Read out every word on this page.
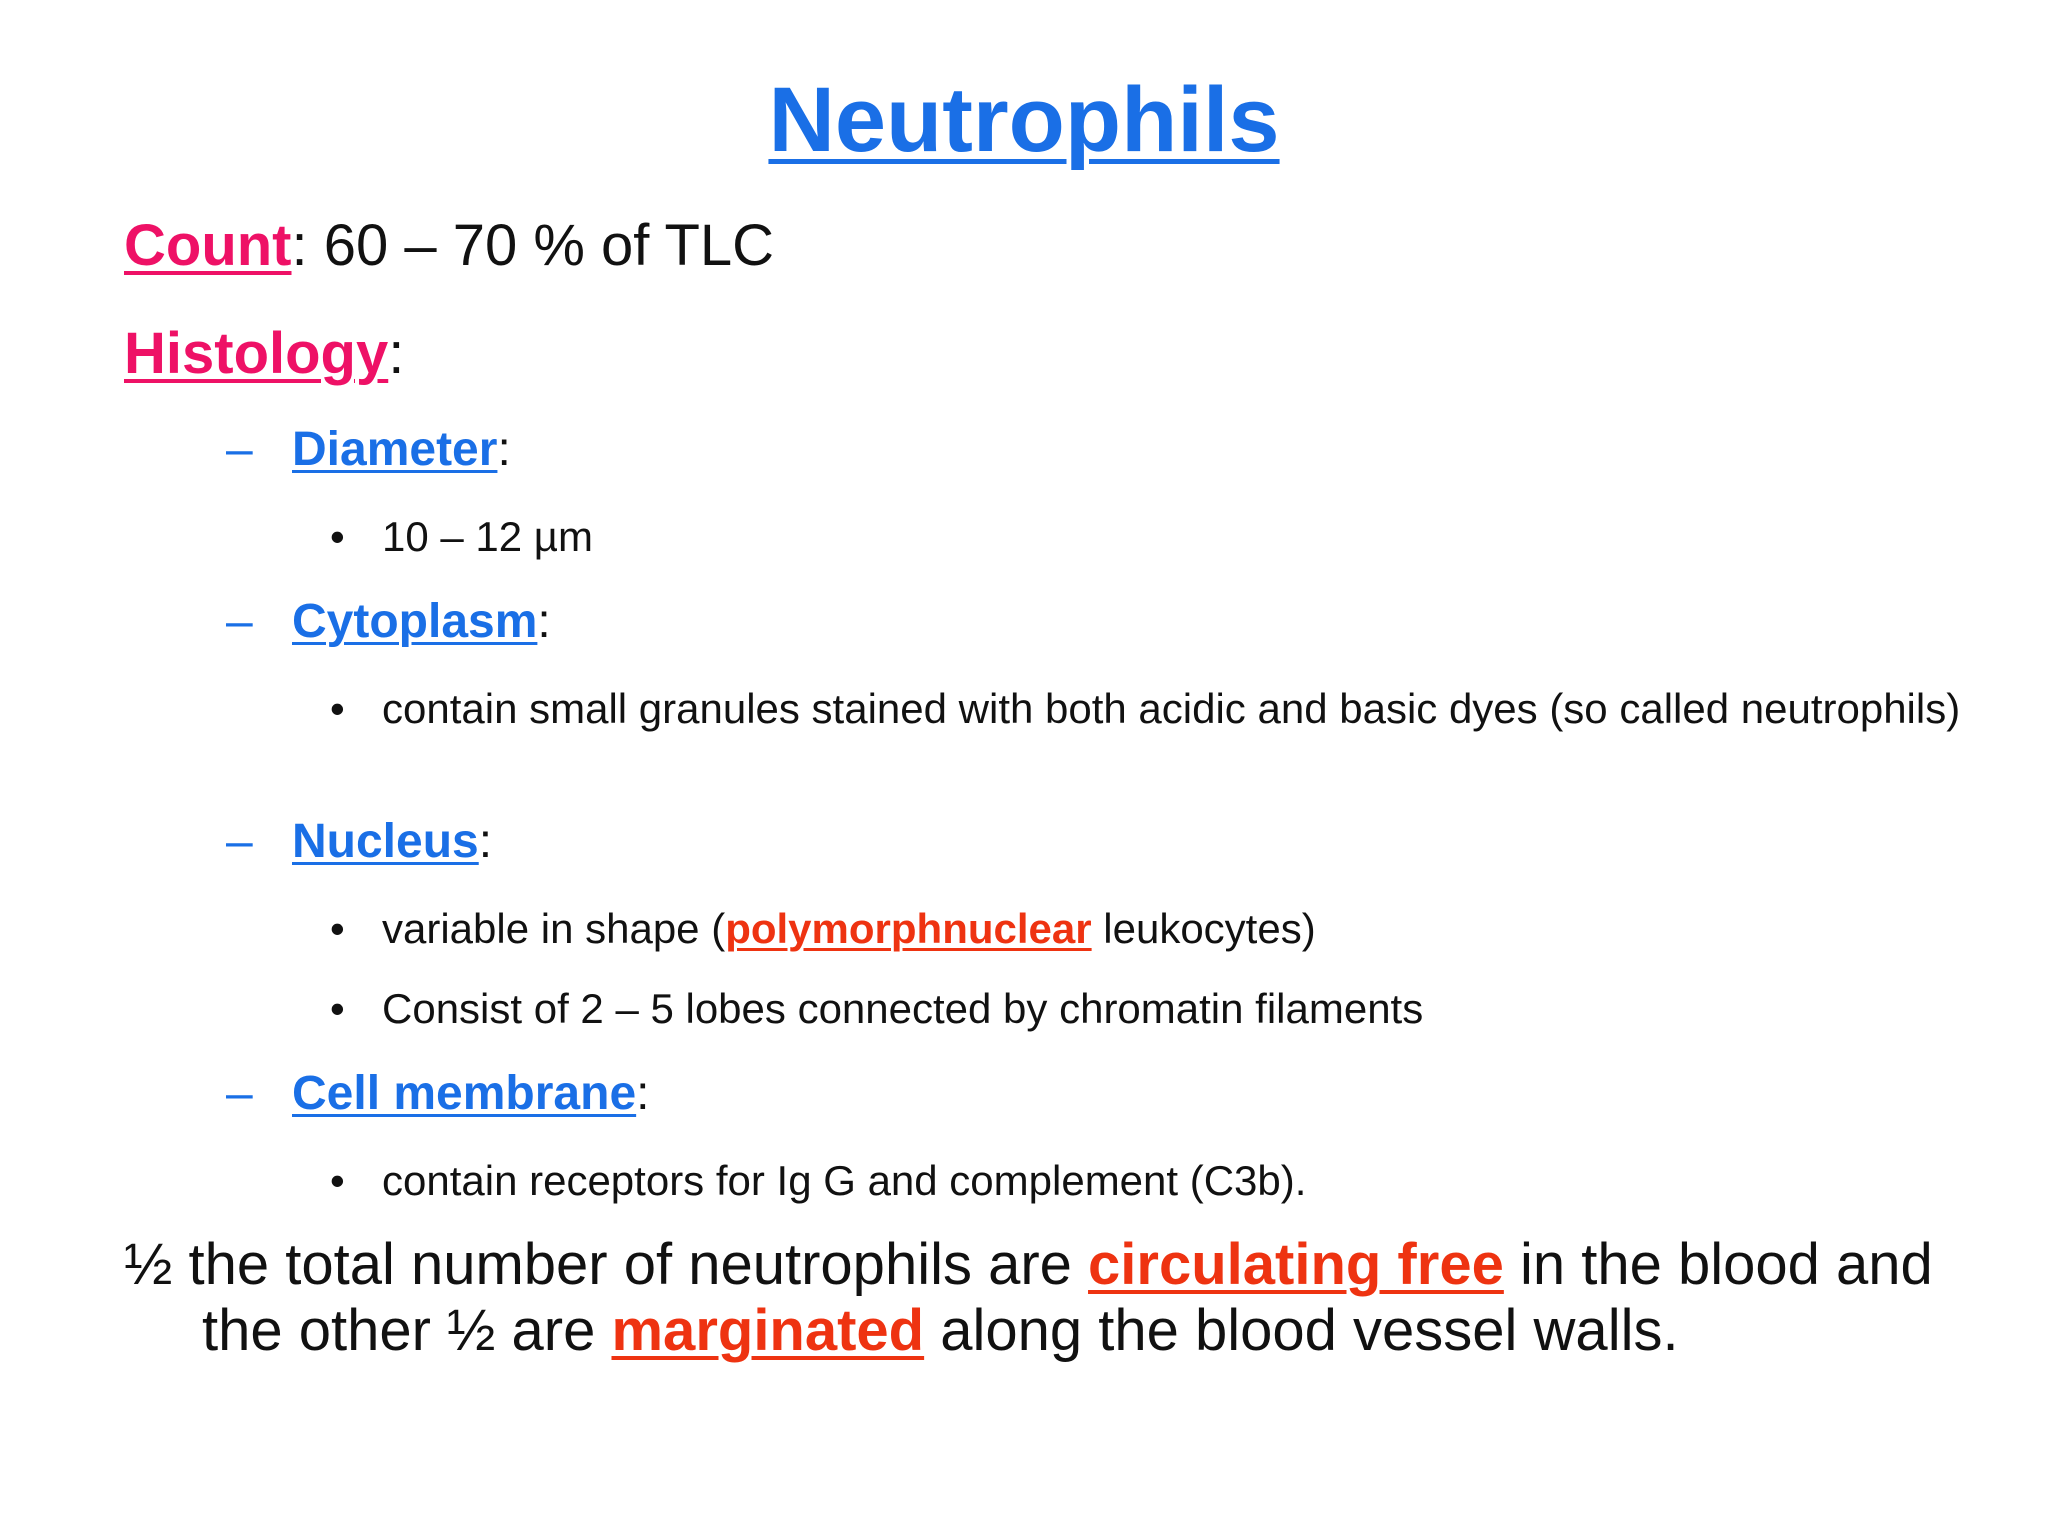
Neutrophils
Count: 60 – 70 % of TLC
Histology:
– Diameter:
• 10 – 12 µm
– Cytoplasm:
• contain small granules stained with both acidic and basic dyes (so called neutrophils)
– Nucleus:
• variable in shape (polymorphnuclear leukocytes)
• Consist of 2 – 5 lobes connected by chromatin filaments
– Cell membrane:
• contain receptors for Ig G and complement (C3b).
½ the total number of neutrophils are circulating free in the blood and the other ½ are marginated along the blood vessel walls.
